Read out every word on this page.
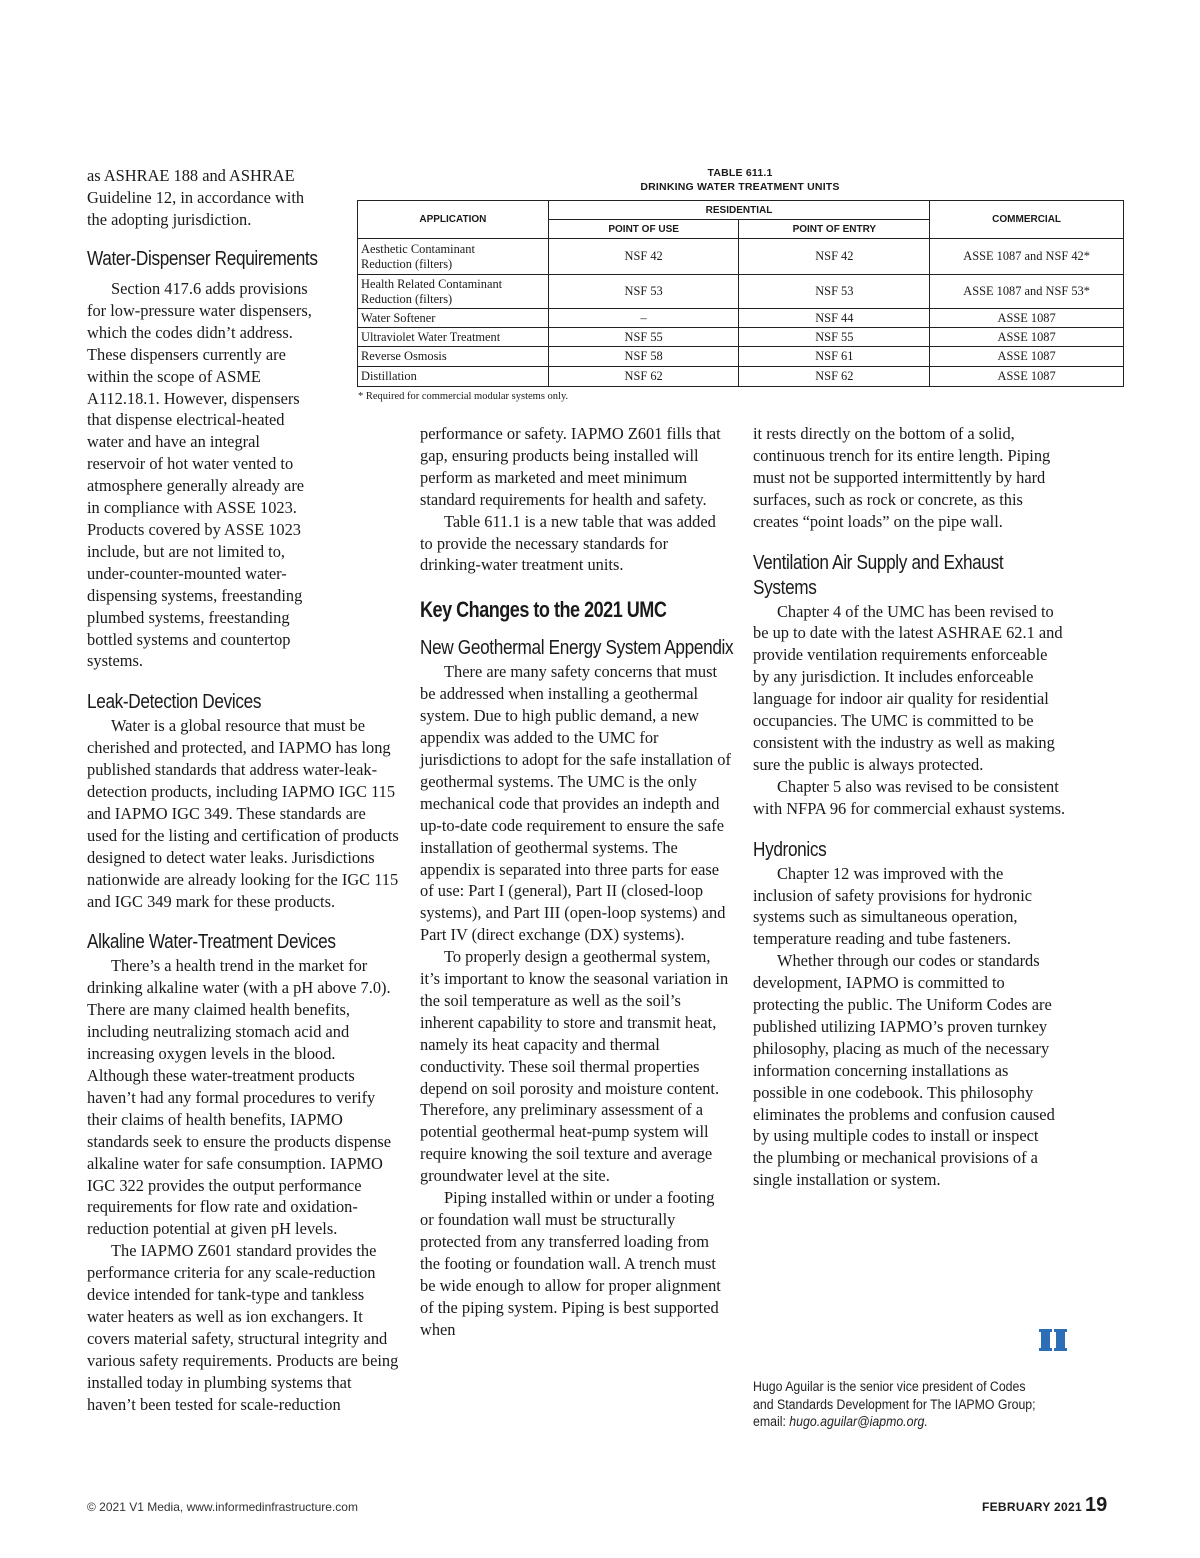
TABLE 611.1
DRINKING WATER TREATMENT UNITS
APPLICATION	RESIDENTIAL		COMMERCIAL
	POINT OF USE	POINT OF ENTRY	
Aesthetic Contaminant
Reduction (filters)	NSF 42	NSF 42	ASSE 1087 and NSF 42*
Health Related Contaminant
Reduction (filters)	NSF 53	NSF 53	ASSE 1087 and NSF 53*
Water Softener	–	NSF 44	ASSE 1087
Ultraviolet Water Treatment	NSF 55	NSF 55	ASSE 1087
Reverse Osmosis	NSF 58	NSF 61	ASSE 1087
Distillation	NSF 62	NSF 62	ASSE 1087
* Required for commercial modular systems only.

as ASHRAE 188 and ASHRAE Guideline 12, in accordance with the adopting jurisdiction.

Water-Dispenser Requirements

Section 417.6 adds provisions for low-pressure water dispensers, which the codes didn’t address. These dispensers currently are within the scope of ASME A112.18.1. However, dispensers that dispense electrical-heated water and have an integral reservoir of hot water vented to atmosphere generally already are in compliance with ASSE 1023. Products covered by ASSE 1023 include, but are not limited to, under-counter-mounted water-dispensing systems, freestanding plumbed systems, freestanding bottled systems and countertop systems.

Leak-Detection Devices

Water is a global resource that must be cherished and protected, and IAPMO has long published standards that address water-leak-detection products, including IAPMO IGC 115 and IAPMO IGC 349. These standards are used for the listing and certification of products designed to detect water leaks. Jurisdictions nationwide are already looking for the IGC 115 and IGC 349 mark for these products.

Alkaline Water-Treatment Devices

There’s a health trend in the market for drinking alkaline water (with a pH above 7.0). There are many claimed health benefits, including neutralizing stomach acid and increasing oxygen levels in the blood. Although these water-treatment products haven’t had any formal procedures to verify their claims of health benefits, IAPMO standards seek to ensure the products dispense alkaline water for safe consumption. IAPMO IGC 322 provides the output performance requirements for flow rate and oxidation-reduction potential at given pH levels.

The IAPMO Z601 standard provides the performance criteria for any scale-reduction device intended for tank-type and tankless water heaters as well as ion exchangers. It covers material safety, structural integrity and various safety requirements. Products are being installed today in plumbing systems that haven’t been tested for scale-reduction

performance or safety. IAPMO Z601 fills that gap, ensuring products being installed will perform as marketed and meet minimum standard requirements for health and safety.

Table 611.1 is a new table that was added to provide the necessary standards for drinking-water treatment units.

Key Changes to the 2021 UMC
New Geothermal Energy System Appendix

There are many safety concerns that must be addressed when installing a geothermal system. Due to high public demand, a new appendix was added to the UMC for jurisdictions to adopt for the safe installation of geothermal systems. The UMC is the only mechanical code that provides an indepth and up-to-date code requirement to ensure the safe installation of geothermal systems. The appendix is separated into three parts for ease of use: Part I (general), Part II (closed-loop systems), and Part III (open-loop systems) and Part IV (direct exchange (DX) systems).

To properly design a geothermal system, it’s important to know the seasonal variation in the soil temperature as well as the soil’s inherent capability to store and transmit heat, namely its heat capacity and thermal conductivity. These soil thermal properties depend on soil porosity and moisture content. Therefore, any preliminary assessment of a potential geothermal heat-pump system will require knowing the soil texture and average groundwater level at the site.

Piping installed within or under a footing or foundation wall must be structurally protected from any transferred loading from the footing or foundation wall. A trench must be wide enough to allow for proper alignment of the piping system. Piping is best supported when

it rests directly on the bottom of a solid, continuous trench for its entire length. Piping must not be supported intermittently by hard surfaces, such as rock or concrete, as this creates “point loads” on the pipe wall.

Ventilation Air Supply and Exhaust Systems

Chapter 4 of the UMC has been revised to be up to date with the latest ASHRAE 62.1 and provide ventilation requirements enforceable by any jurisdiction. It includes enforceable language for indoor air quality for residential occupancies. The UMC is committed to be consistent with the industry as well as making sure the public is always protected.

Chapter 5 also was revised to be consistent with NFPA 96 for commercial exhaust systems.

Hydronics

Chapter 12 was improved with the inclusion of safety provisions for hydronic systems such as simultaneous operation, temperature reading and tube fasteners.

Whether through our codes or standards development, IAPMO is committed to protecting the public. The Uniform Codes are published utilizing IAPMO’s proven turnkey philosophy, placing as much of the necessary information concerning installations as possible in one codebook. This philosophy eliminates the problems and confusion caused by using multiple codes to install or inspect the plumbing or mechanical provisions of a single installation or system.

Hugo Aguilar is the senior vice president of Codes and Standards Development for The IAPMO Group; email: hugo.aguilar@iapmo.org.
© 2021 V1 Media, www.informedinfrastructure.com	FEBRUARY 2021 19
